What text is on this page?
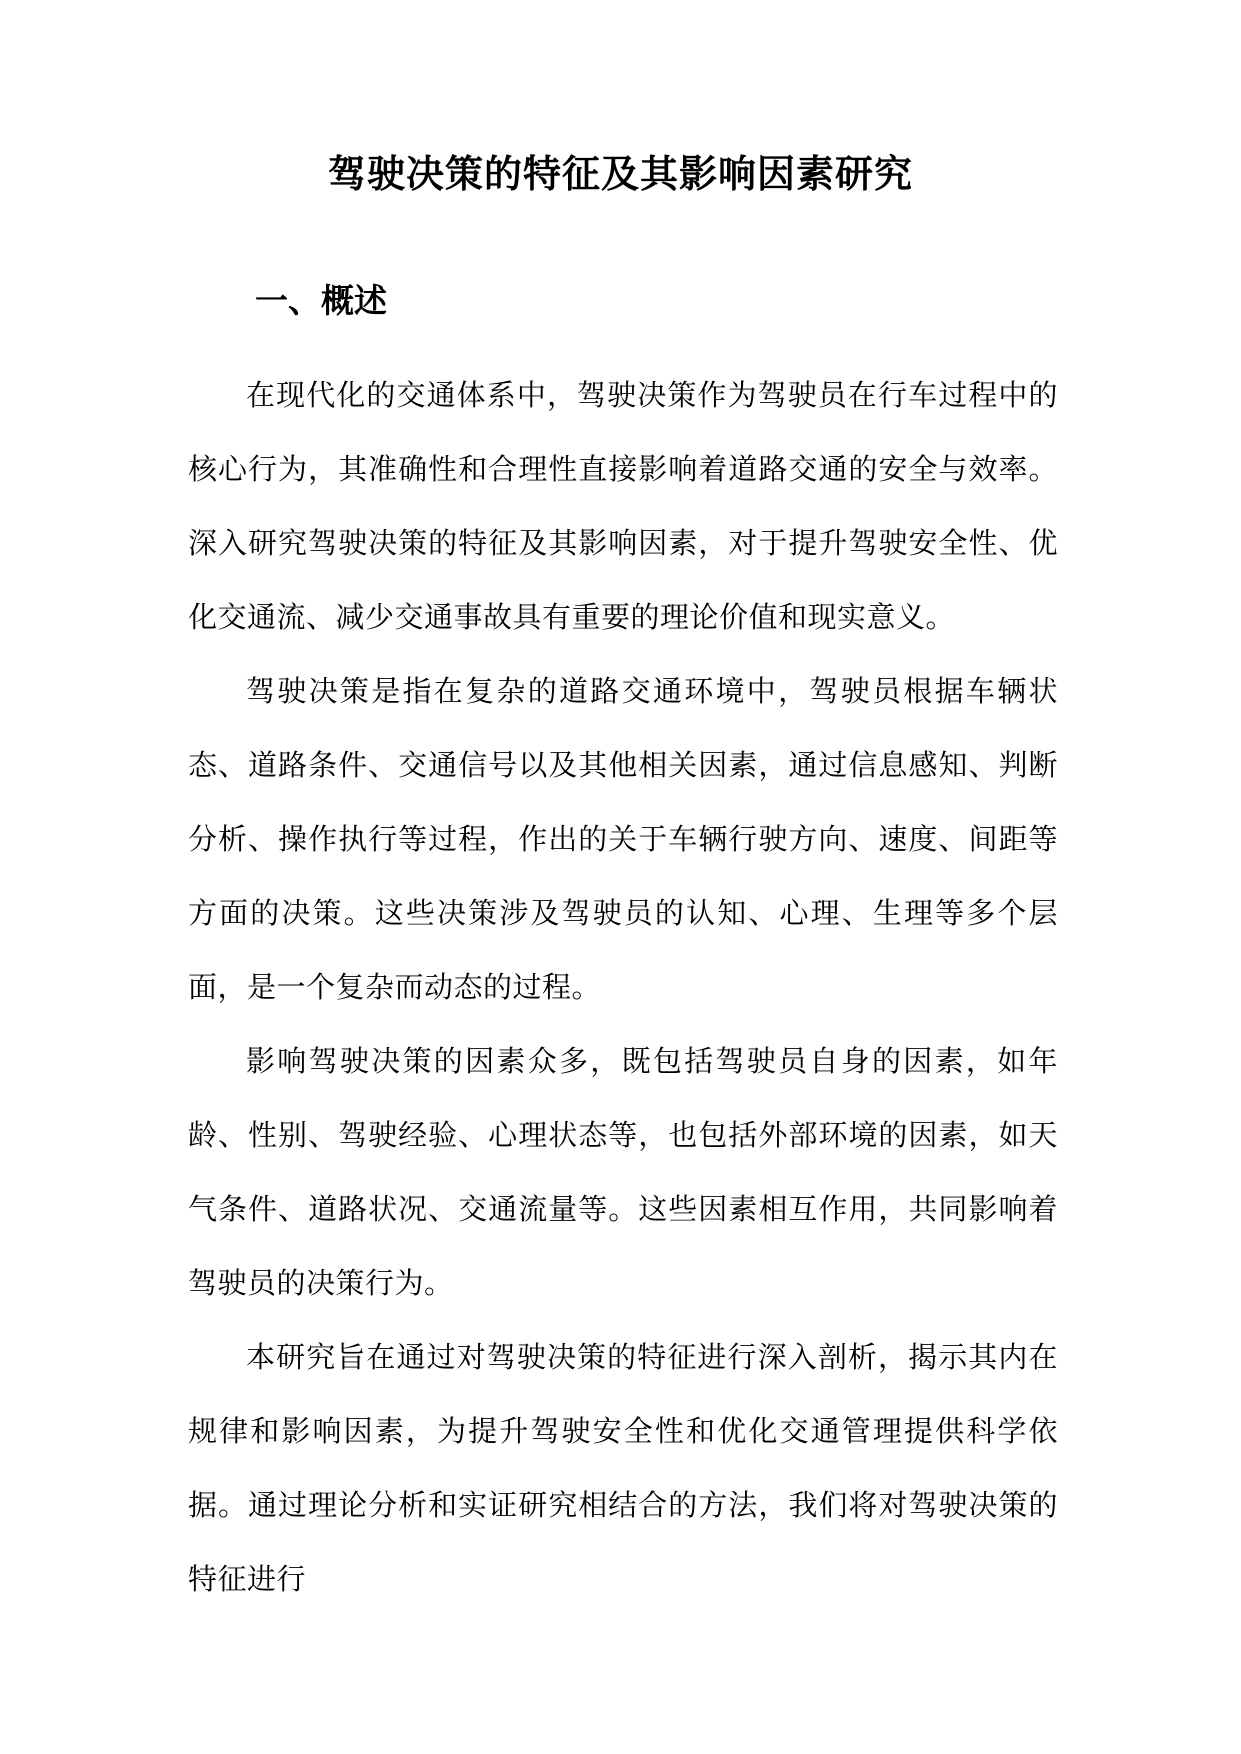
驾驶决策的特征及其影响因素研究
一、概述

在现代化的交通体系中，驾驶决策作为驾驶员在行车过程中的核心行为，其准确性和合理性直接影响着道路交通的安全与效率。深入研究驾驶决策的特征及其影响因素，对于提升驾驶安全性、优化交通流、减少交通事故具有重要的理论价值和现实意义。

驾驶决策是指在复杂的道路交通环境中，驾驶员根据车辆状态、道路条件、交通信号以及其他相关因素，通过信息感知、判断分析、操作执行等过程，作出的关于车辆行驶方向、速度、间距等方面的决策。这些决策涉及驾驶员的认知、心理、生理等多个层面，是一个复杂而动态的过程。

影响驾驶决策的因素众多，既包括驾驶员自身的因素，如年龄、性别、驾驶经验、心理状态等，也包括外部环境的因素，如天气条件、道路状况、交通流量等。这些因素相互作用，共同影响着驾驶员的决策行为。

本研究旨在通过对驾驶决策的特征进行深入剖析，揭示其内在规律和影响因素，为提升驾驶安全性和优化交通管理提供科学依据。通过理论分析和实证研究相结合的方法，我们将对驾驶决策的特征进行
